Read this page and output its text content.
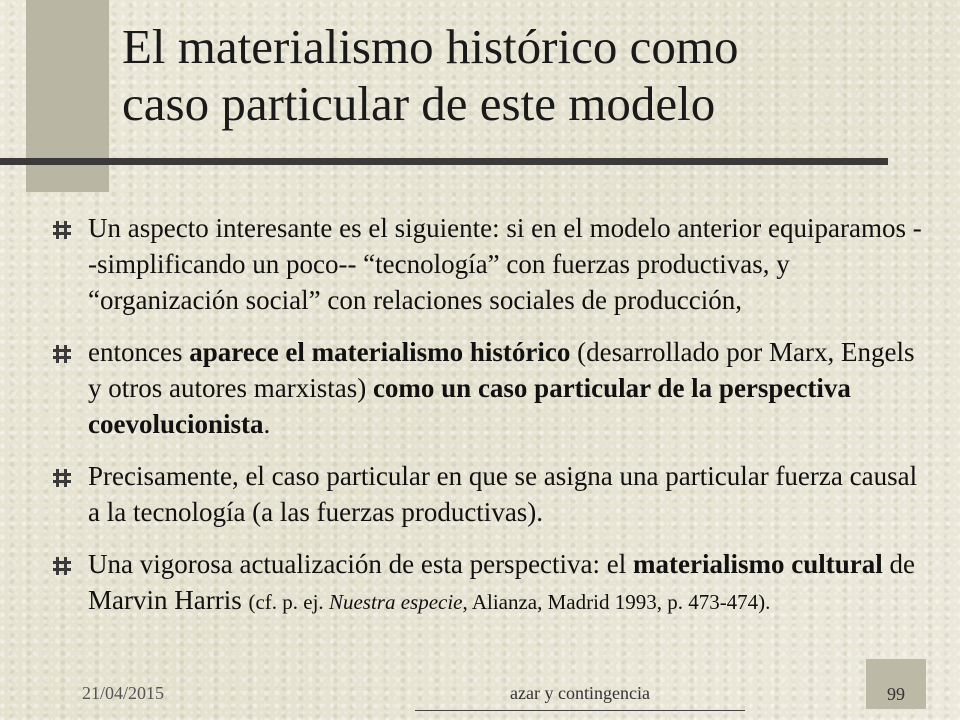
El materialismo histórico como
caso particular de este modelo
Un aspecto interesante es el siguiente: si en el modelo anterior equiparamos --simplificando un poco-- “tecnología” con fuerzas productivas, y “organización social” con relaciones sociales de producción,
entonces aparece el materialismo histórico (desarrollado por Marx, Engels y otros autores marxistas) como un caso particular de la perspectiva coevolucionista.
Precisamente, el caso particular en que se asigna una particular fuerza causal a la tecnología (a las fuerzas productivas).
Una vigorosa actualización de esta perspectiva: el materialismo cultural de Marvin Harris (cf. p. ej. Nuestra especie, Alianza, Madrid 1993, p. 473-474).
21/04/2015	azar y contingencia	99
